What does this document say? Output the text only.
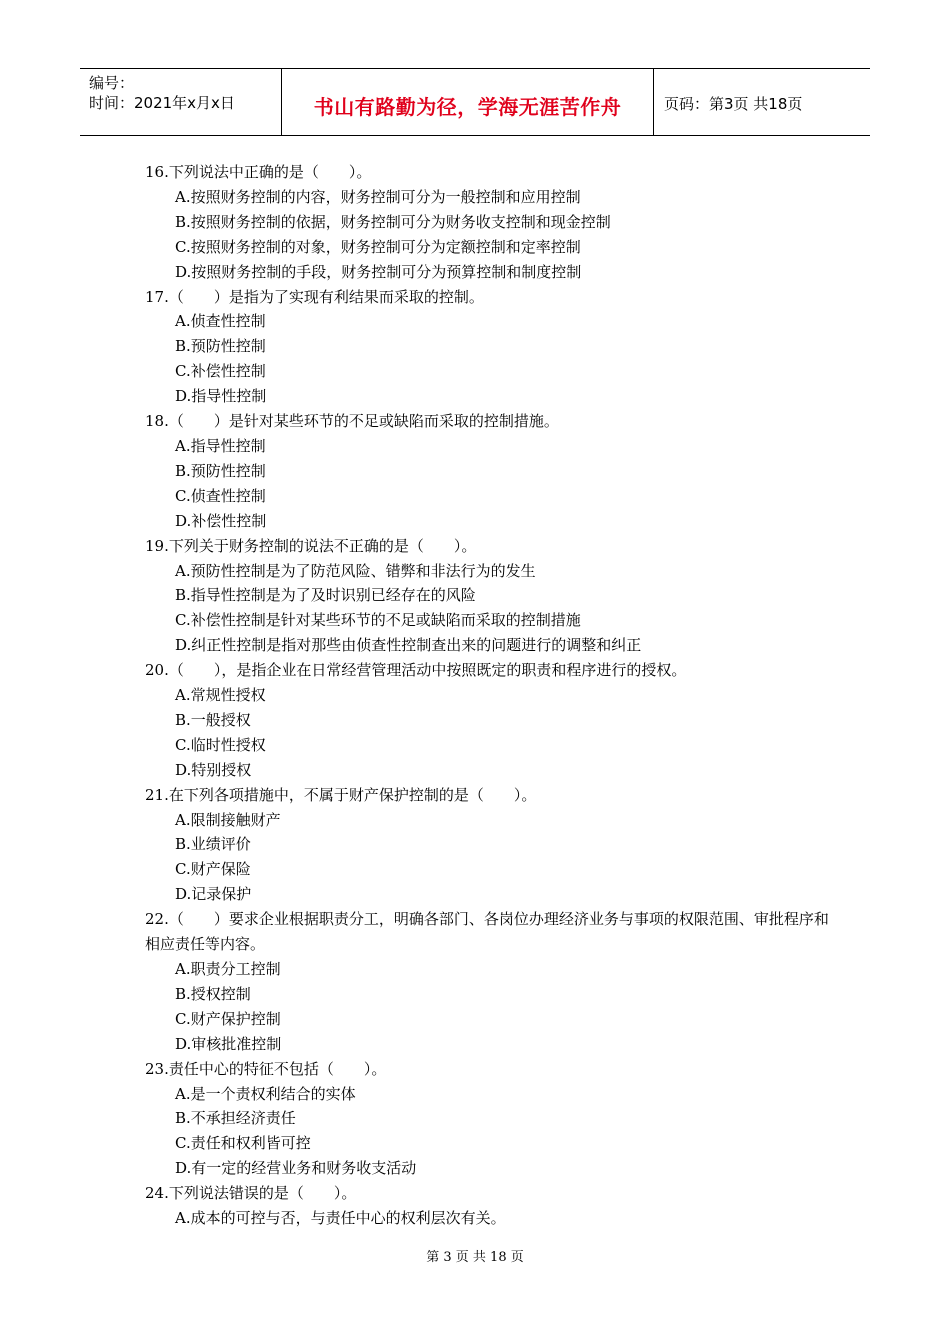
编号：
时间：2021年x月x日	书山有路勤为径，学海无涯苦作舟	页码：第3页 共18页

16.下列说法中正确的是（　　）。

A.按照财务控制的内容，财务控制可分为一般控制和应用控制

B.按照财务控制的依据，财务控制可分为财务收支控制和现金控制

C.按照财务控制的对象，财务控制可分为定额控制和定率控制

D.按照财务控制的手段，财务控制可分为预算控制和制度控制

17.（　　）是指为了实现有利结果而采取的控制。

A.侦查性控制

B.预防性控制

C.补偿性控制

D.指导性控制

18.（　　）是针对某些环节的不足或缺陷而采取的控制措施。

A.指导性控制

B.预防性控制

C.侦查性控制

D.补偿性控制

19.下列关于财务控制的说法不正确的是（　　）。

A.预防性控制是为了防范风险、错弊和非法行为的发生

B.指导性控制是为了及时识别已经存在的风险

C.补偿性控制是针对某些环节的不足或缺陷而采取的控制措施

D.纠正性控制是指对那些由侦查性控制查出来的问题进行的调整和纠正

20.（　　），是指企业在日常经营管理活动中按照既定的职责和程序进行的授权。

A.常规性授权

B.一般授权

C.临时性授权

D.特别授权

21.在下列各项措施中，不属于财产保护控制的是（　　）。

A.限制接触财产

B.业绩评价

C.财产保险

D.记录保护

22.（　　）要求企业根据职责分工，明确各部门、各岗位办理经济业务与事项的权限范围、审批程序和相应责任等内容。

A.职责分工控制

B.授权控制

C.财产保护控制

D.审核批准控制

23.责任中心的特征不包括（　　）。

A.是一个责权利结合的实体

B.不承担经济责任

C.责任和权利皆可控

D.有一定的经营业务和财务收支活动

24.下列说法错误的是（　　）。

A.成本的可控与否，与责任中心的权利层次有关。

第 3 页 共 18 页
